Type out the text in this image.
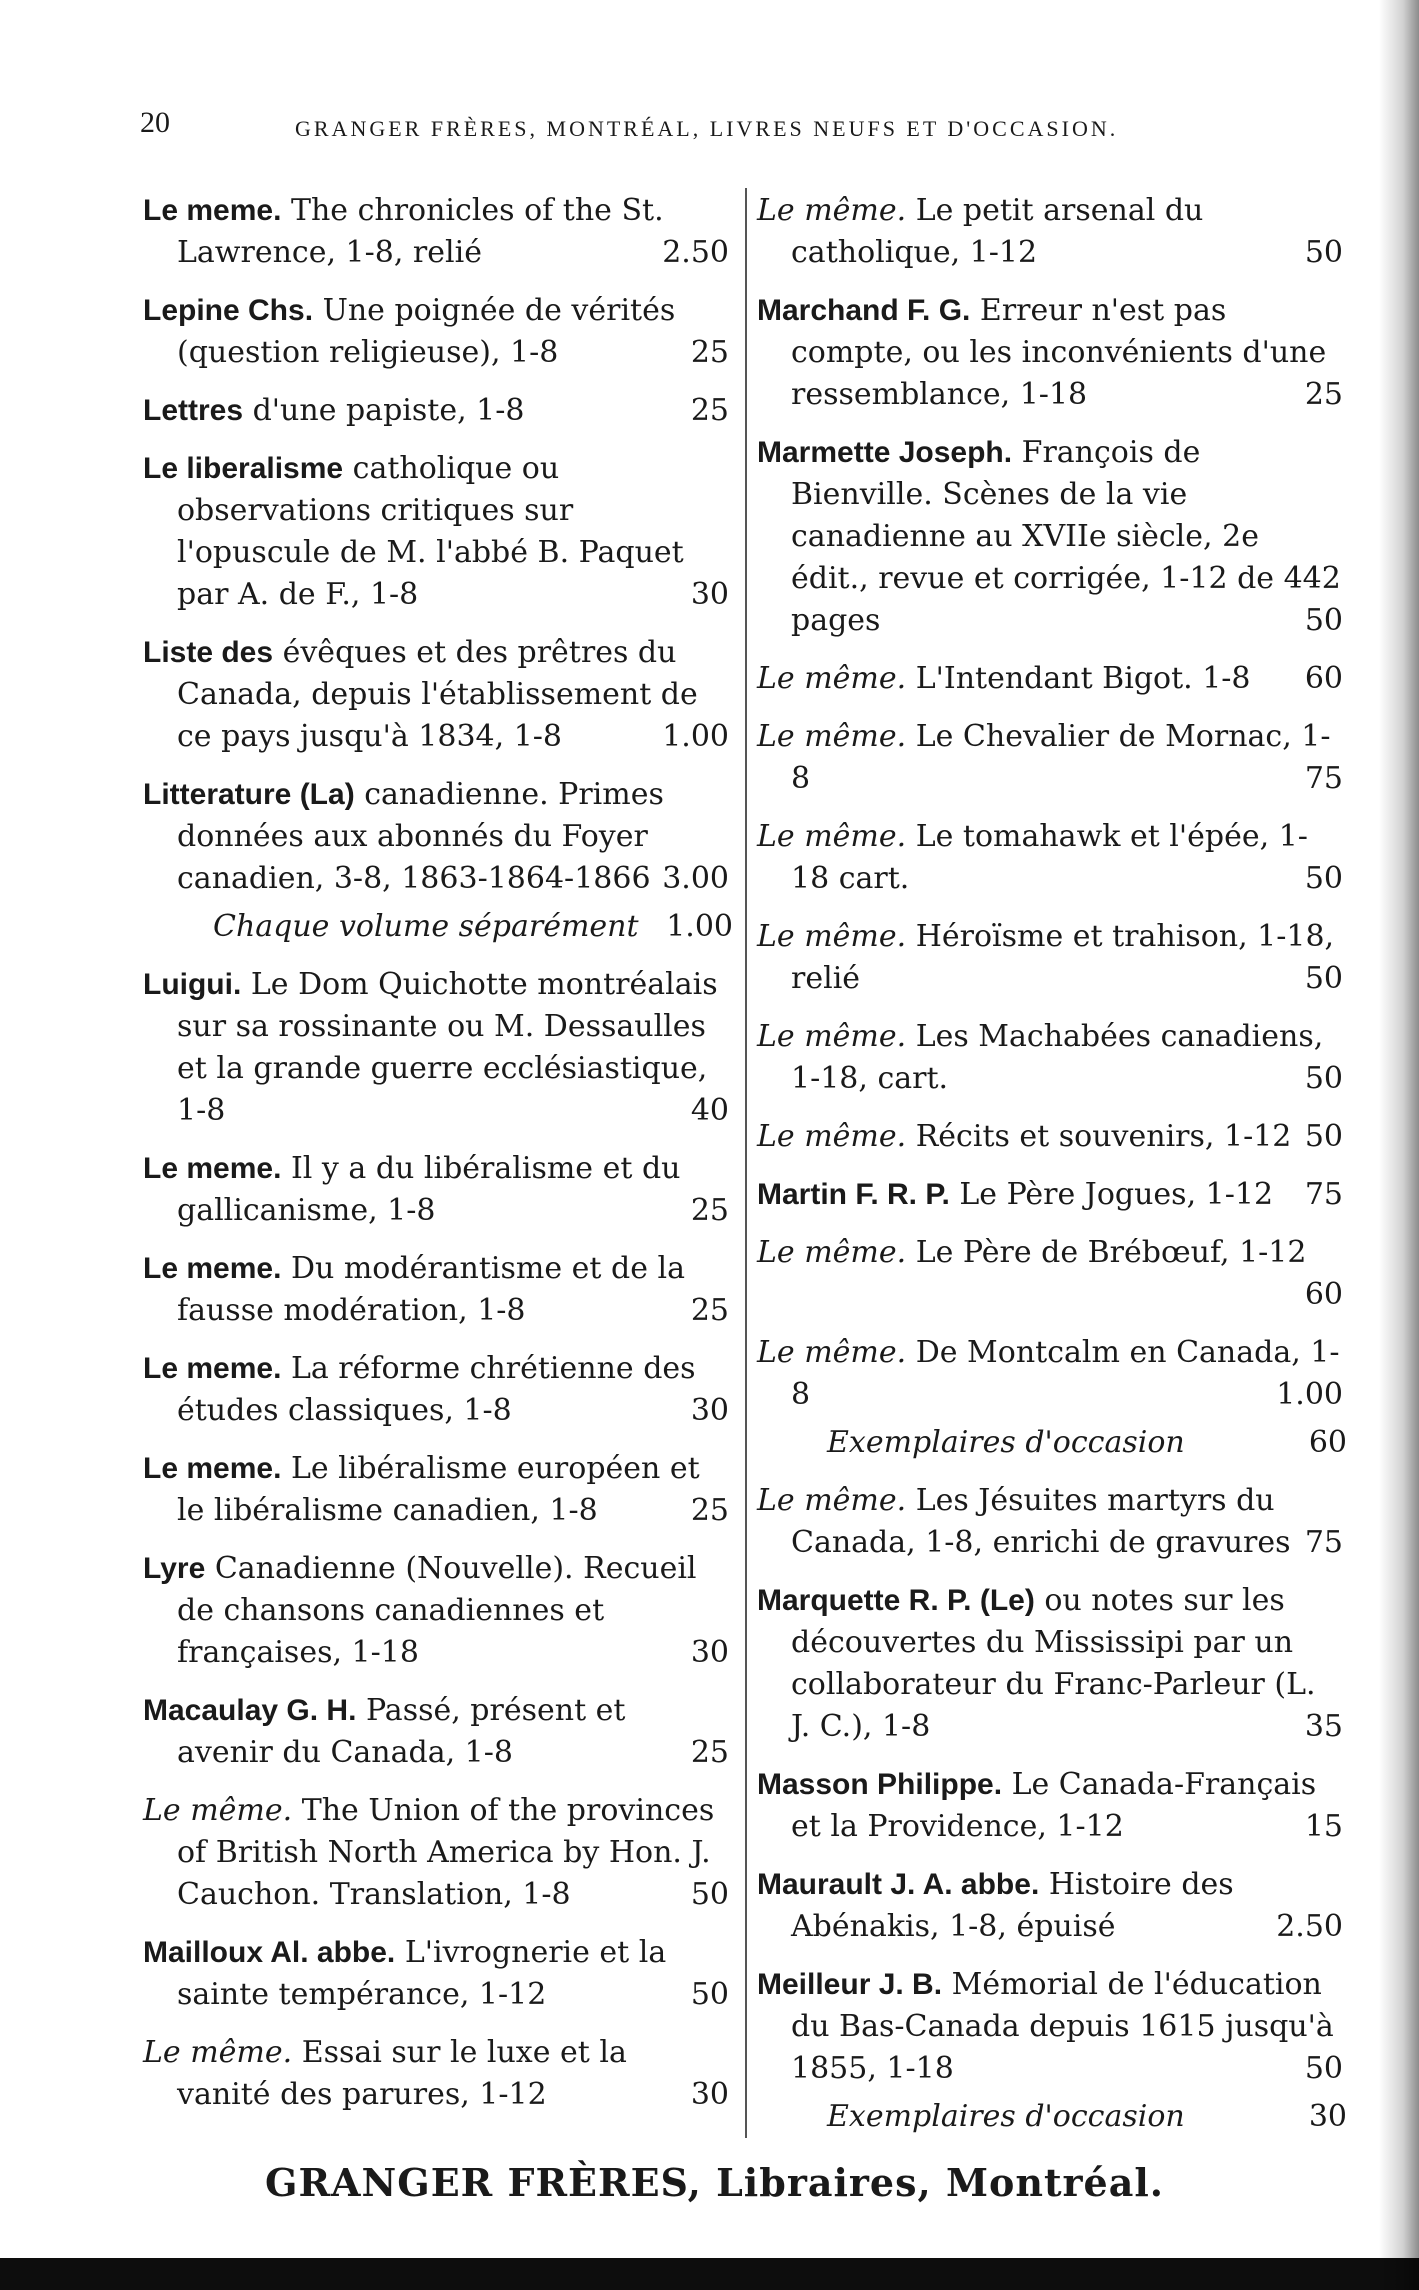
20	GRANGER FRÈRES, MONTRÉAL, LIVRES NEUFS ET D'OCCASION.
Le meme. The chronicles of the St. Lawrence, 1-8, relié	2.50
Lepine Chs. Une poignée de vérités (question religieuse), 1-8	25
Lettres d'une papiste, 1-8	25
Le liberalisme catholique ou observations critiques sur l'opuscule de M. l'abbé B. Paquet par A. de F., 1-8	30
Liste des évêques et des prêtres du Canada, depuis l'établissement de ce pays jusqu'à 1834, 1-8	1.00
Litterature (La) canadienne. Primes données aux abonnés du Foyer canadien, 3-8, 1863-1864-1866 3.00
Chaque volume séparément 1.00
Luigui. Le Dom Quichotte montréalais sur sa rossinante ou M. Dessaulles et la grande guerre ecclésiastique, 1-8	40
Le meme. Il y a du libéralisme et du gallicanisme, 1-8	25
Le meme. Du modérantisme et de la fausse modération, 1-8	25
Le meme. La réforme chrétienne des études classiques, 1-8	30
Le meme. Le libéralisme européen et le libéralisme canadien, 1-8	25
Lyre Canadienne (Nouvelle). Recueil de chansons canadiennes et françaises, 1-18	30
Macaulay G. H. Passé, présent et avenir du Canada, 1-8	25
Le même. The Union of the provinces of British North America by Hon. J. Cauchon. Translation, 1-8	50
Mailloux Al. abbe. L'ivrognerie et la sainte tempérance, 1-12	50
Le même. Essai sur le luxe et la vanité des parures, 1-12	30
Le même. Le petit arsenal du catholique, 1-12	50
Marchand F. G. Erreur n'est pas compte, ou les inconvénients d'une ressemblance, 1-18	25
Marmette Joseph. François de Bienville. Scènes de la vie canadienne au XVIIe siècle, 2e édit., revue et corrigée, 1-12 de 442 pages	50
Le même. L'Intendant Bigot. 1-8 60
Le même. Le Chevalier de Mornac, 1-8	75
Le même. Le tomahawk et l'épée, 1-18 cart.	50
Le même. Héroïsme et trahison, 1-18, relié	50
Le même. Les Machabées canadiens, 1-18, cart.	50
Le même. Récits et souvenirs, 1-12 50
Martin F. R. P. Le Père Jogues, 1-12 75
Le même. Le Père de Brébœuf, 1-12
60
Le même. De Montcalm en Canada, 1-8	1.00
Exemplaires d'occasion	60
Le même. Les Jésuites martyrs du Canada, 1-8, enrichi de gravures 75
Marquette R. P. (Le) ou notes sur les découvertes du Mississipi par un collaborateur du Franc-Parleur (L. J. C.), 1-8	35
Masson Philippe. Le Canada-Français et la Providence, 1-12	15
Maurault J. A. abbe. Histoire des Abénakis, 1-8, épuisé	2.50
Meilleur J. B. Mémorial de l'éducation du Bas-Canada depuis 1615 jusqu'à 1855, 1-18	50
Exemplaires d'occasion	30
GRANGER FRÈRES, Libraires, Montréal.
